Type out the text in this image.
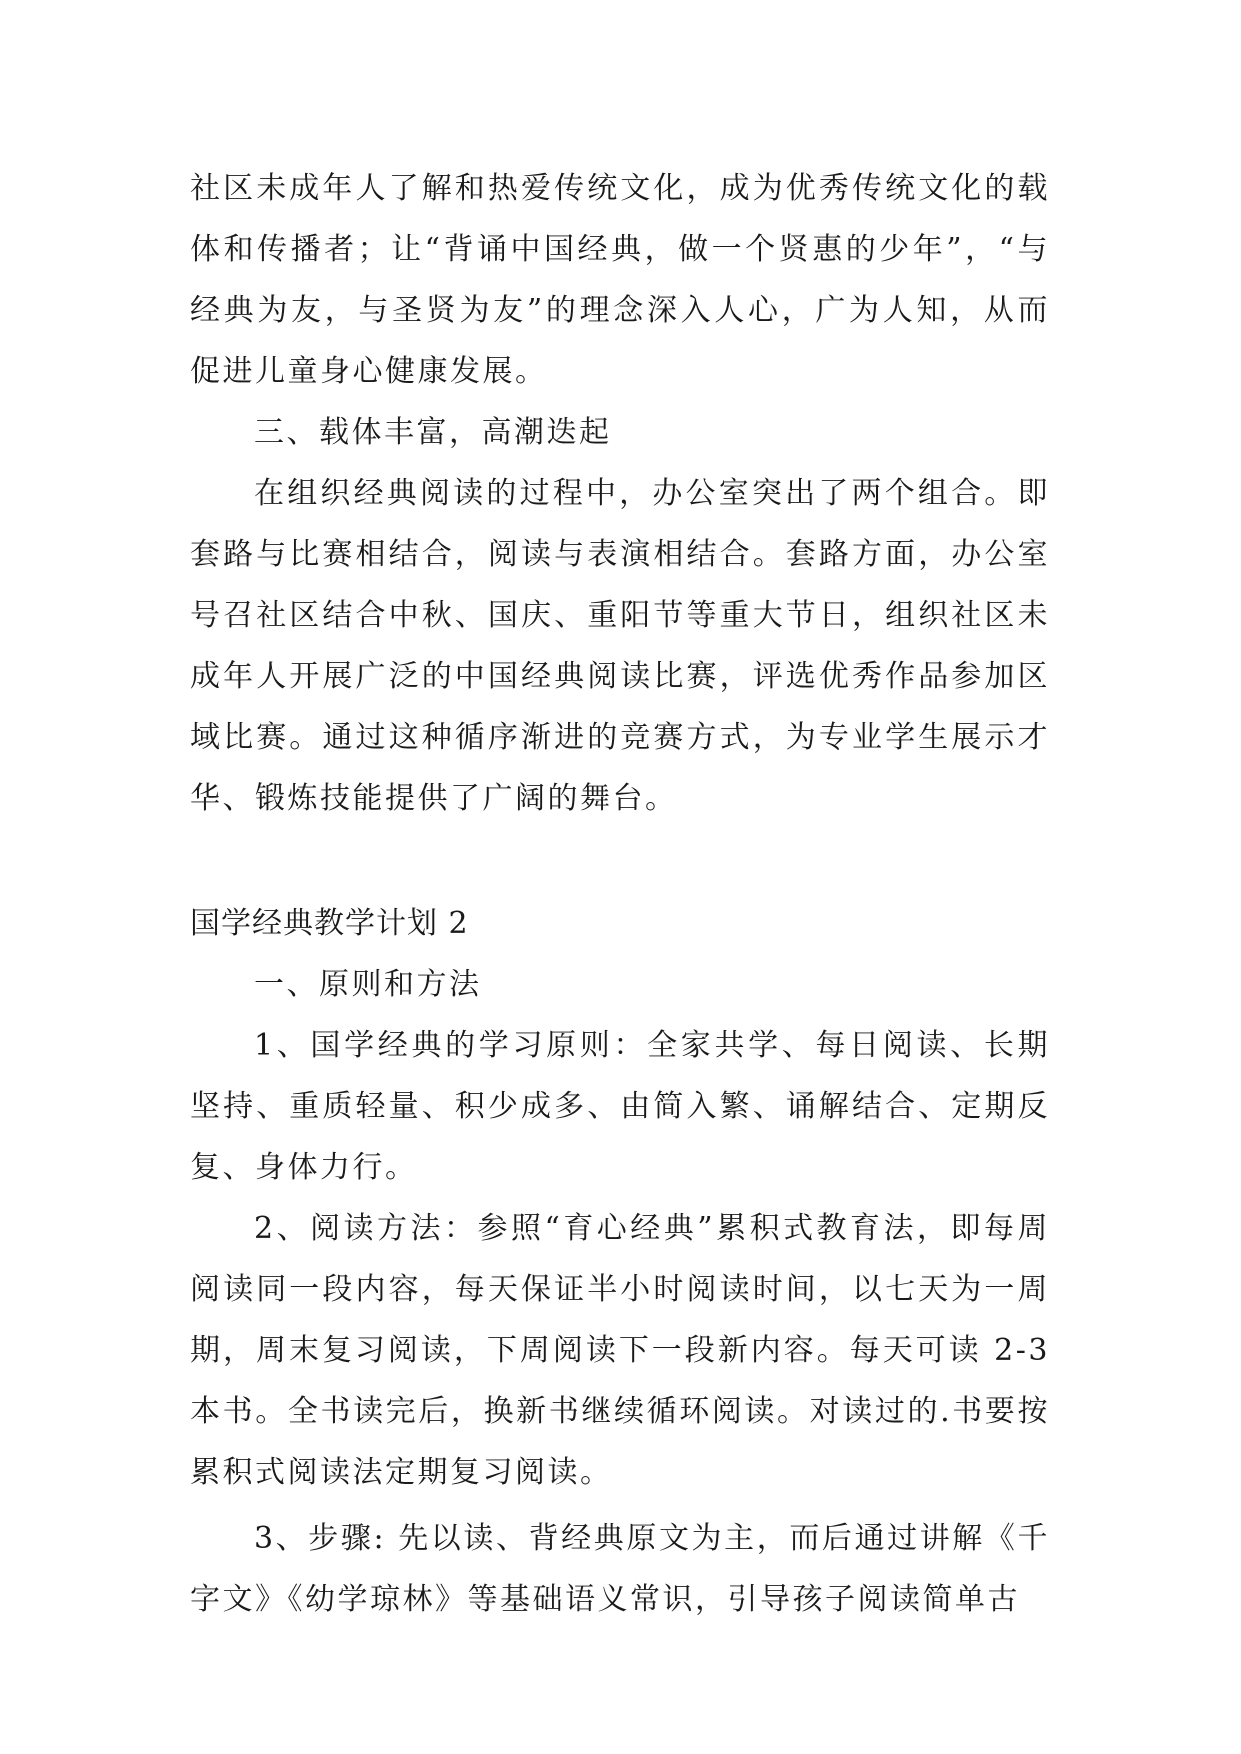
社区未成年人了解和热爱传统文化，成为优秀传统文化的载体和传播者；让“背诵中国经典，做一个贤惠的少年”，“与经典为友，与圣贤为友”的理念深入人心，广为人知，从而促进儿童身心健康发展。

三、载体丰富，高潮迭起

在组织经典阅读的过程中，办公室突出了两个组合。即套路与比赛相结合，阅读与表演相结合。套路方面，办公室号召社区结合中秋、国庆、重阳节等重大节日，组织社区未成年人开展广泛的中国经典阅读比赛，评选优秀作品参加区域比赛。通过这种循序渐进的竞赛方式，为专业学生展示才华、锻炼技能提供了广阔的舞台。

国学经典教学计划 2

一、原则和方法

1、国学经典的学习原则：全家共学、每日阅读、长期坚持、重质轻量、积少成多、由简入繁、诵解结合、定期反复、身体力行。

2、阅读方法：参照“育心经典”累积式教育法，即每周阅读同一段内容，每天保证半小时阅读时间，以七天为一周期，周末复习阅读，下周阅读下一段新内容。每天可读 2-3 本书。全书读完后，换新书继续循环阅读。对读过的.书要按累积式阅读法定期复习阅读。

3、步骤: 先以读、背经典原文为主，而后通过讲解《千字文》《幼学琼林》等基础语义常识，引导孩子阅读简单古
